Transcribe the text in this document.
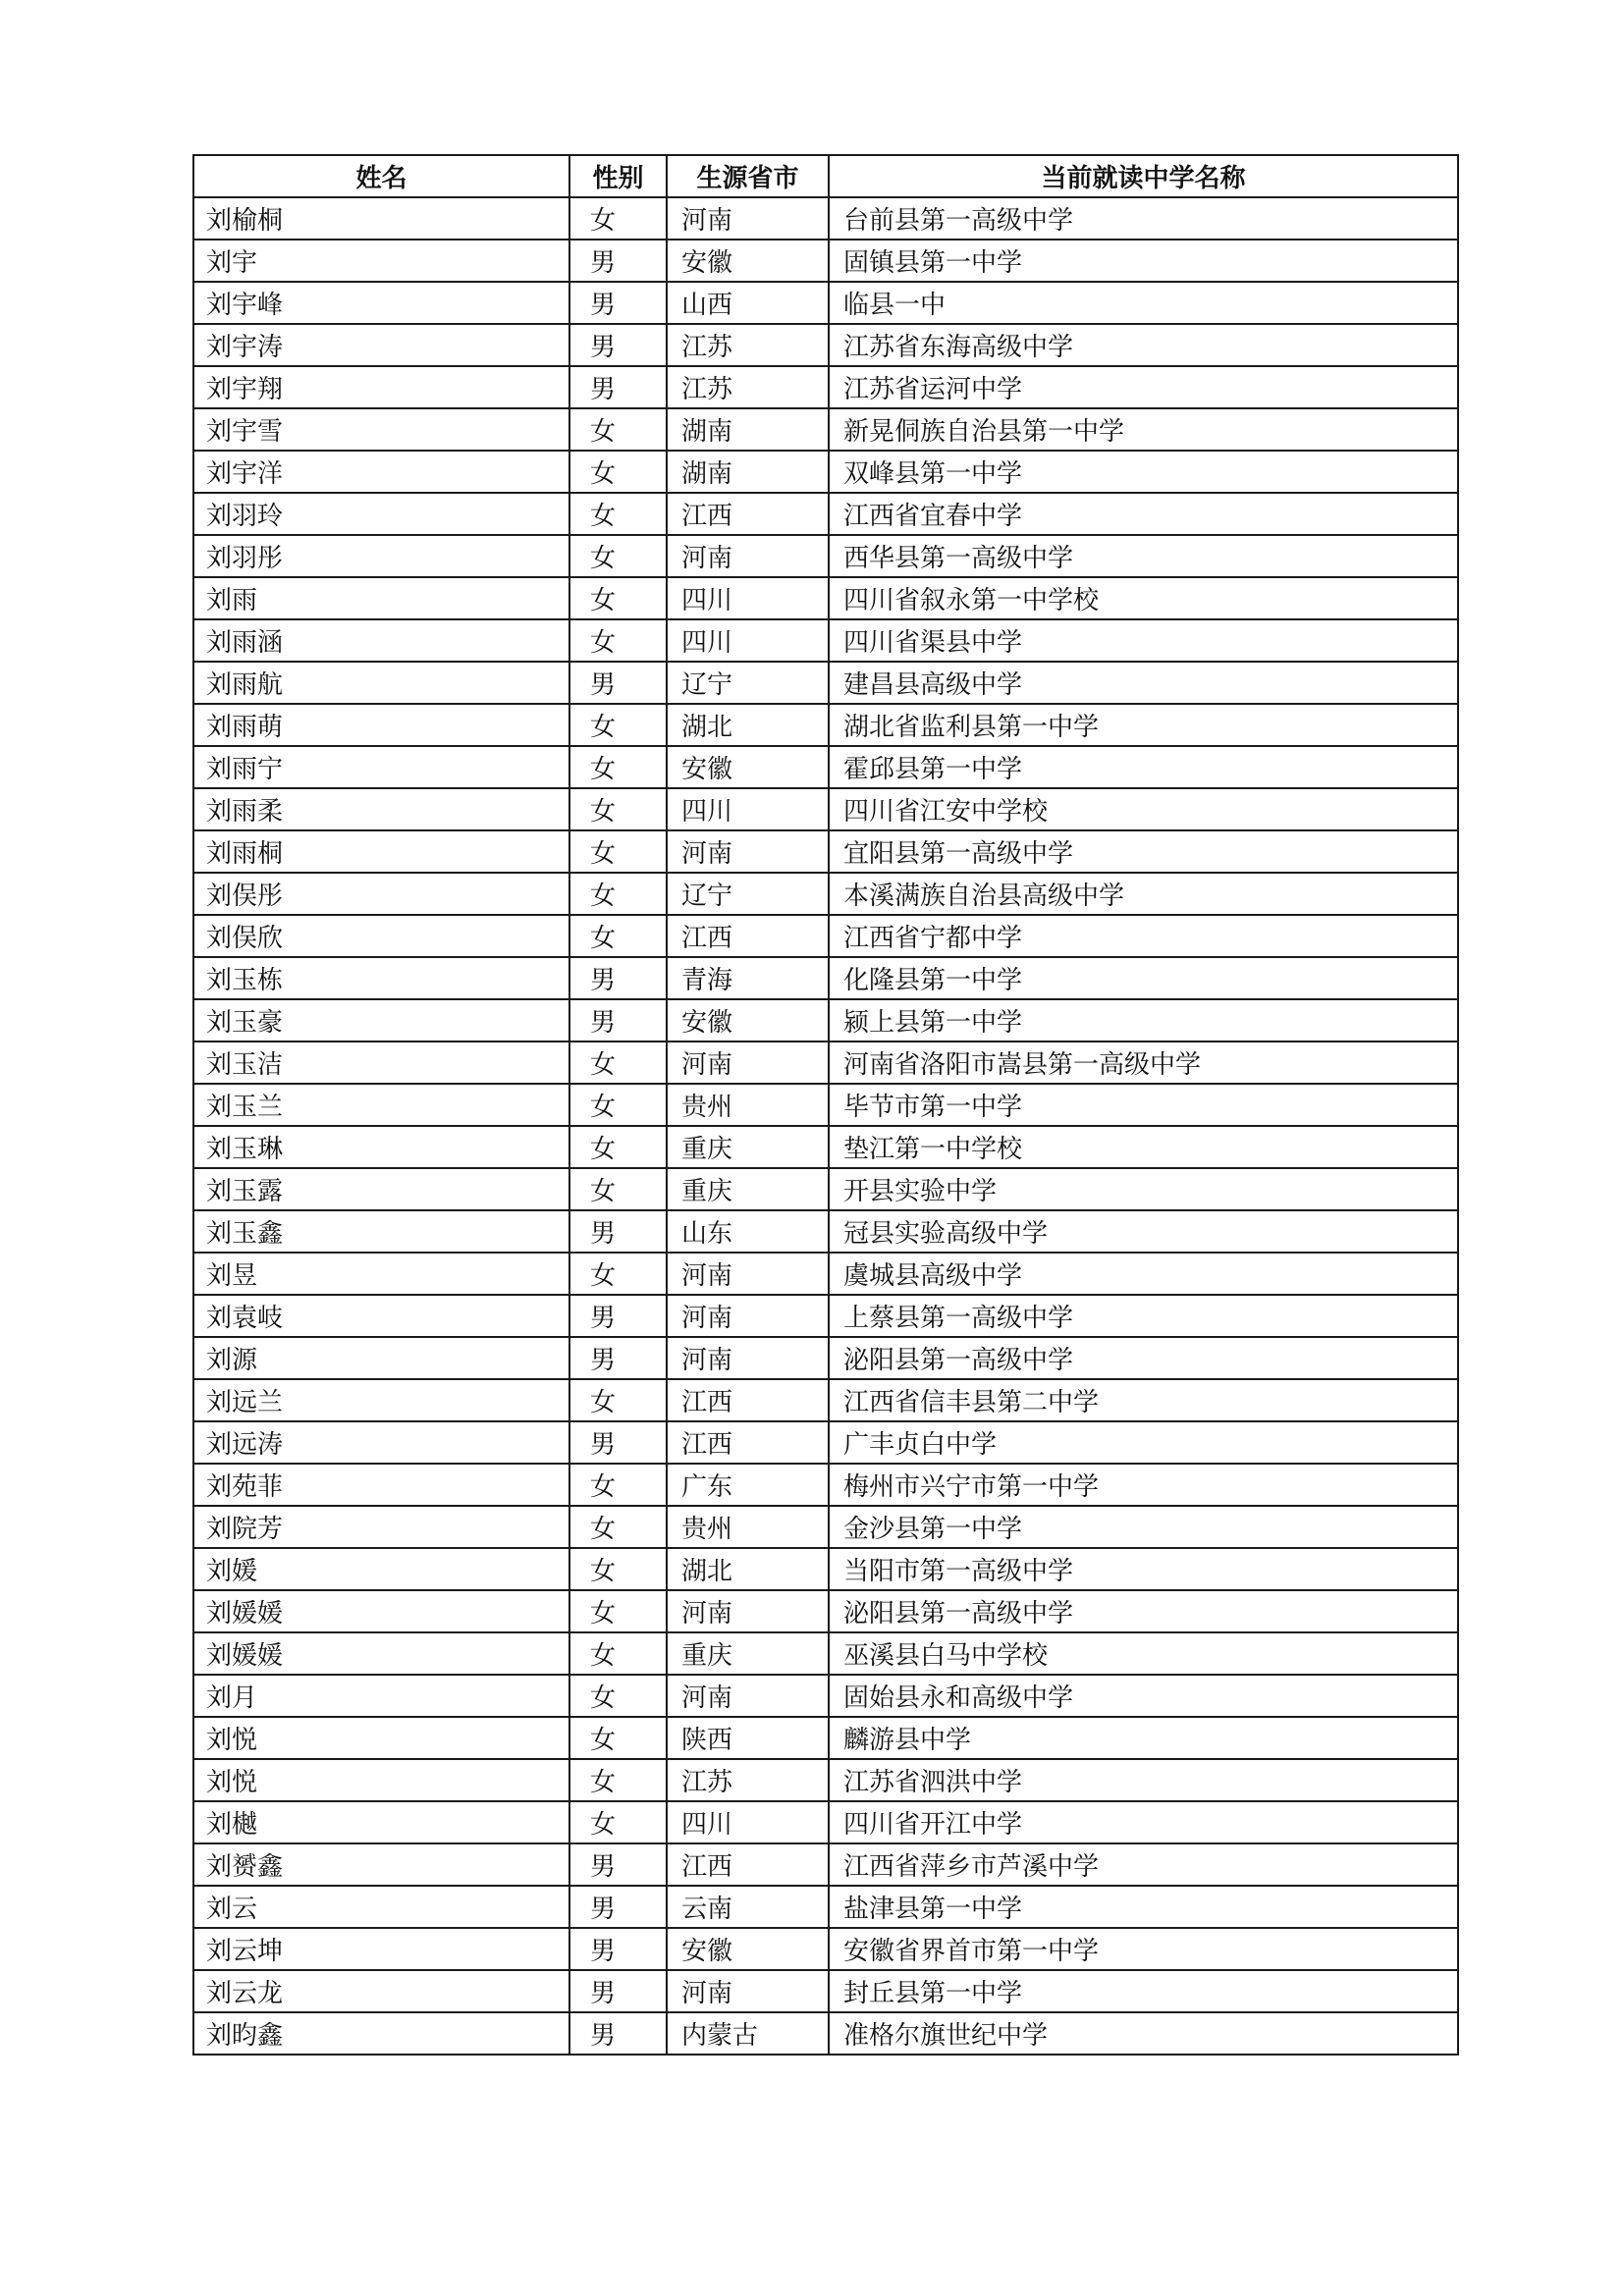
姓名	性别	生源省市	当前就读中学名称
刘榆桐	女	河南	台前县第一高级中学
刘宇	男	安徽	固镇县第一中学
刘宇峰	男	山西	临县一中
刘宇涛	男	江苏	江苏省东海高级中学
刘宇翔	男	江苏	江苏省运河中学
刘宇雪	女	湖南	新晃侗族自治县第一中学
刘宇洋	女	湖南	双峰县第一中学
刘羽玲	女	江西	江西省宜春中学
刘羽彤	女	河南	西华县第一高级中学
刘雨	女	四川	四川省叙永第一中学校
刘雨涵	女	四川	四川省渠县中学
刘雨航	男	辽宁	建昌县高级中学
刘雨萌	女	湖北	湖北省监利县第一中学
刘雨宁	女	安徽	霍邱县第一中学
刘雨柔	女	四川	四川省江安中学校
刘雨桐	女	河南	宜阳县第一高级中学
刘俣彤	女	辽宁	本溪满族自治县高级中学
刘俣欣	女	江西	江西省宁都中学
刘玉栋	男	青海	化隆县第一中学
刘玉豪	男	安徽	颍上县第一中学
刘玉洁	女	河南	河南省洛阳市嵩县第一高级中学
刘玉兰	女	贵州	毕节市第一中学
刘玉琳	女	重庆	垫江第一中学校
刘玉露	女	重庆	开县实验中学
刘玉鑫	男	山东	冠县实验高级中学
刘昱	女	河南	虞城县高级中学
刘袁岐	男	河南	上蔡县第一高级中学
刘源	男	河南	泌阳县第一高级中学
刘远兰	女	江西	江西省信丰县第二中学
刘远涛	男	江西	广丰贞白中学
刘苑菲	女	广东	梅州市兴宁市第一中学
刘院芳	女	贵州	金沙县第一中学
刘媛	女	湖北	当阳市第一高级中学
刘媛媛	女	河南	泌阳县第一高级中学
刘媛媛	女	重庆	巫溪县白马中学校
刘月	女	河南	固始县永和高级中学
刘悦	女	陕西	麟游县中学
刘悦	女	江苏	江苏省泗洪中学
刘樾	女	四川	四川省开江中学
刘赟鑫	男	江西	江西省萍乡市芦溪中学
刘云	男	云南	盐津县第一中学
刘云坤	男	安徽	安徽省界首市第一中学
刘云龙	男	河南	封丘县第一中学
刘昀鑫	男	内蒙古	准格尔旗世纪中学
